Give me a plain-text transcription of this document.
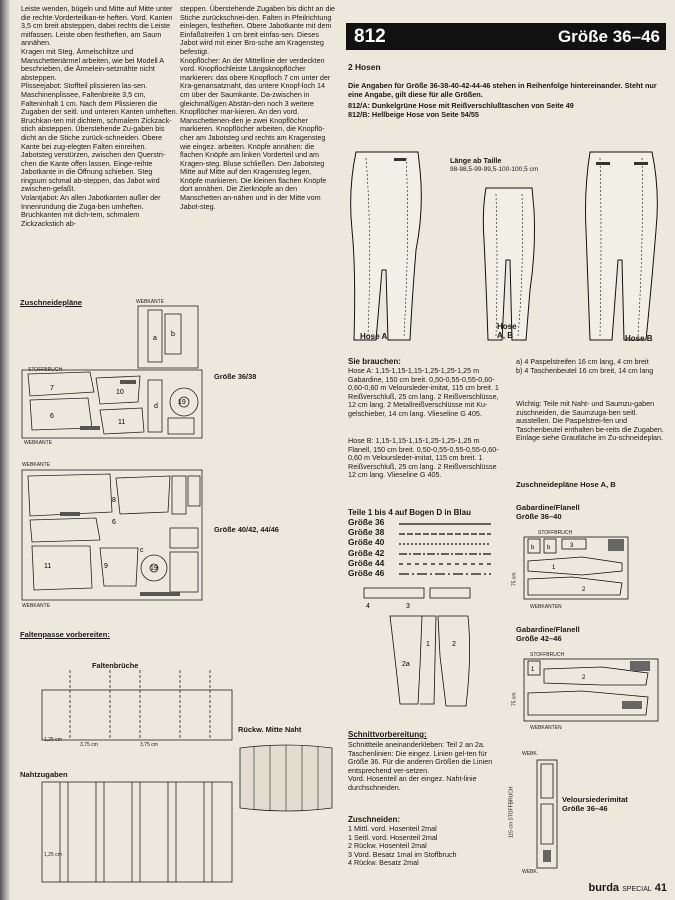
Leiste wenden, bügeln und Mitte auf Mitte unter die rechte Vorderteilkan-te heften. Vord. Kanten 3,5 cm breit absteppen, dabei rechts die Leiste mitfassen. Leiste oben festheften, am Saum annähen.
Kragen mit Steg, Ärmelschlitze und Manschettenärmel arbeiten, wie bei Modell A beschrieben, die Ärmelein-setznähte nicht absteppen.
Plisseejabot: Stoffteil plissieren las-sen. Maschinenplissee, Faltenbreite 3,5 cm, Falteninhalt 1 cm. Nach dem Plissieren die Zugaben der seitl. und unteren Kanten umheften. Bruchkan-ten mit dichtem, schmalem Zickzack-stich absteppen. Überstehende Zu-gaben bis dicht an die Stiche zurück-schneiden. Obere Kante bei zug-elegten Falten einreihen. Jabotsteg verstürzen, zwischen den Querstri-chen die Kante offen lassen. Einge-reihte Jabotkante in die Öffnung schieben. Steg ringsum schmal ab-steppen, das Jabot wird zwischen-gefaßt.
Volantjabot: An allen Jabotkanten außer der Innenrundung die Zuga-ben umheften. Bruchkanten mit dich-tem, schmalem Zickzackstich ab-
steppen. Überstehende Zugaben bis dicht an die Stiche zurückschnei-den. Falten in Pfeilrichtung einlegen, festheften. Obere Jabotkante mit dem Einfaßstreifen 1 cm breit einfas-sen. Dieses Jabot wird mit einer Bro-sche am Kragensteg befestigt.
Knopflöcher: An der Mittellinie der verdeckten vord. Knopflochleiste Längsknopflöcher markieren: das obere Knopfloch 7 cm unter der Kra-genansatznaht, das untere Knopf-loch 14 cm über der Saumkante. Da-zwischen in gleichmäßigen Abstän-den noch 3 weitere Knopflöcher mar-kieren. An den vord. Manschettenen-den je zwei Knopflöcher markieren. Knopflöcher arbeiten, die Knopflö-cher am Jabotsteg und rechts am Kragensteg wie eingez. arbeiten. Knöpfe annähen: die flachen Knöpfe am linken Vorderteil und am Kragen-steg. Bluse schließen. Den Jabotsteg Mitte auf Mitte auf den Kragensteg legen, Knöpfe markieren. Die kleinen flachen Knöpfe dort annähen. Die Zierknöpfe an den Manschetten an-nähen und in der Mitte vom Jabot-steg.
Zuschneidepläne
7
6
10
11
a
b
d
19
WEBKANTE
STOFFBRUCH
WEBKANTE
Größe 36/38
WEBKANTE
8
6
11	9	19
c
WEBKANTE
Größe 40/42, 44/46
Faltenpasse vorbereiten:
Faltenbrüche
1,25 cm
3,75 cm	3,75 cm
Rückw. Mitte Naht
Nahtzugaben
1,25 cm
812	Größe 36–46
2 Hosen
Die Angaben für Größe 36-38-40-42-44-46 stehen in Reihenfolge hintereinander. Steht nur eine Angabe, gilt diese für alle Größen.
812/A: Dunkelgrüne Hose mit Reißverschlußtaschen von Seite 49
812/B: Hellbeige Hose von Seite 54/55
Länge ab Taille
98-98,5-99-99,5-100-100,5 cm
Hose A
Hose
A, B	Hose B
Sie brauchen:
Hose A: 1,15-1,15-1,15-1,25-1,25-1,25 m Gabardine, 150 cm breit. 0,50-0,55-0,55-0,60-0,60-0,60 m Veloursleder-imitat, 115 cm breit. 1 Reißverschluß, 25 cm lang. 2 Reißverschlüsse, 12 cm lang. 2 Metallreißverschlüsse mit Ku-gelschieber, 14 cm lang. Vlieseline G 405.
Hose B: 1,15-1,15-1,15-1,25-1,25-1,25 m Flanell, 150 cm breit. 0,50-0,55-0,55-0,55-0,60-0,60 m Veloursleder-imitat, 115 cm breit. 1 Reißverschluß, 25 cm lang. 2 Reißverschlüsse 12 cm lang. Vlieseline G 405.
a) 4 Paspelstreifen 16 cm lang, 4 cm breit
b) 4 Taschenbeutel 16 cm breit, 14 cm lang
Wichtig: Teile mit Naht- und Saumzu-gaben zuschneiden, die Saumzuga-ben seitl. ausstellen. Die Paspelstrei-fen und Taschenbeutel enthalten be-reits die Zugaben.
Einlage siehe Grautläche im Zu-schneideplan.
Zuschneidepläne Hose A, B
Teile 1 bis 4 auf Bogen D in Blau
Größe 36
Größe 38
Größe 40
Größe 42
Größe 44
Größe 46
4	3
2a
1	2
Schnittvorbereitung:
Schnittteile aneinanderkleben: Teil 2 an 2a.
Taschenlinien: Die eingez. Linien gel-ten für Größe 36. Für die anderen Größen die Linien entsprechend ver-setzen.
Vord. Hosenteil an der eingez. Naht-linie durchschneiden.
Zuschneiden:
1 Mittl. vord. Hosenteil 2mal
1 Seitl. vord. Hosenteil 2mal
2 Rückw. Hosenteil 2mal
3 Vord. Besatz 1mal im Stoffbruch
4 Rückw. Besatz 2mal
Gabardine/Flanell
Größe 36–40
STOFFBRUCH
b b	3
1
2
75 cm
WEBKANTEN
Gabardine/Flanell
Größe 42–46
STOFFBRUCH
1
2
75 cm
WEBKANTEN
WEBK.
115 cm STOFFBRUCH	Veloursiederimitat
Größe 36–46
WEBK.
burda SPECIAL 41
